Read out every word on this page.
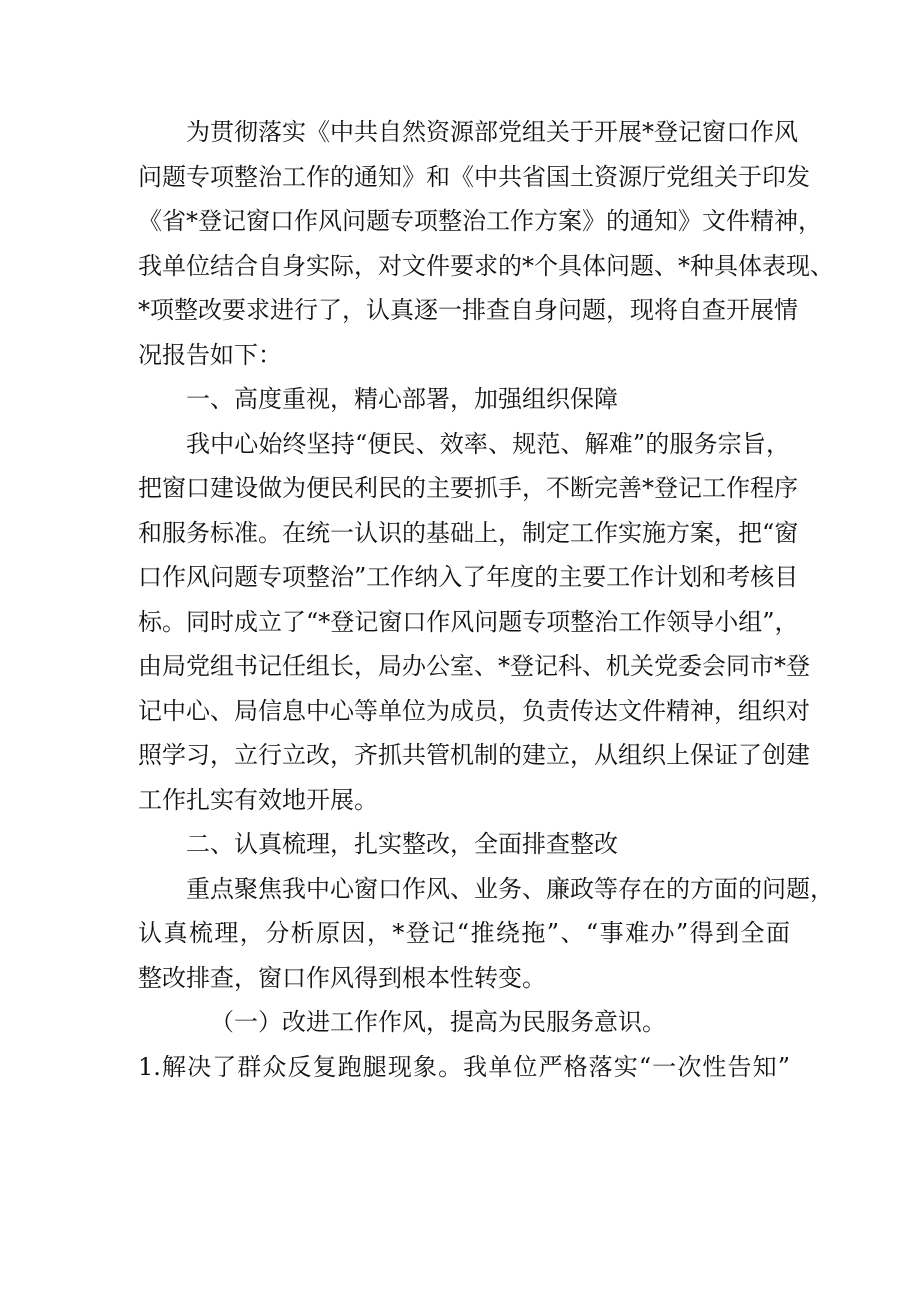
为贯彻落实《中共自然资源部党组关于开展*登记窗口作风
问题专项整治工作的通知》和《中共省国土资源厅党组关于印发
《省*登记窗口作风问题专项整治工作方案》的通知》文件精神，
我单位结合自身实际，对文件要求的*个具体问题、*种具体表现、
*项整改要求进行了，认真逐一排查自身问题，现将自查开展情
况报告如下：
一、高度重视，精心部署，加强组织保障
我中心始终坚持“便民、效率、规范、解难”的服务宗旨，
把窗口建设做为便民利民的主要抓手，不断完善*登记工作程序
和服务标准。在统一认识的基础上，制定工作实施方案，把“窗
口作风问题专项整治”工作纳入了年度的主要工作计划和考核目
标。同时成立了“*登记窗口作风问题专项整治工作领导小组”，
由局党组书记任组长，局办公室、*登记科、机关党委会同市*登
记中心、局信息中心等单位为成员，负责传达文件精神，组织对
照学习，立行立改，齐抓共管机制的建立，从组织上保证了创建
工作扎实有效地开展。
二、认真梳理，扎实整改，全面排查整改
重点聚焦我中心窗口作风、业务、廉政等存在的方面的问题，
认真梳理，分析原因，*登记“推绕拖”、“事难办”得到全面
整改排查，窗口作风得到根本性转变。
（一）改进工作作风，提高为民服务意识。
1.解决了群众反复跑腿现象。我单位严格落实“一次性告知”
